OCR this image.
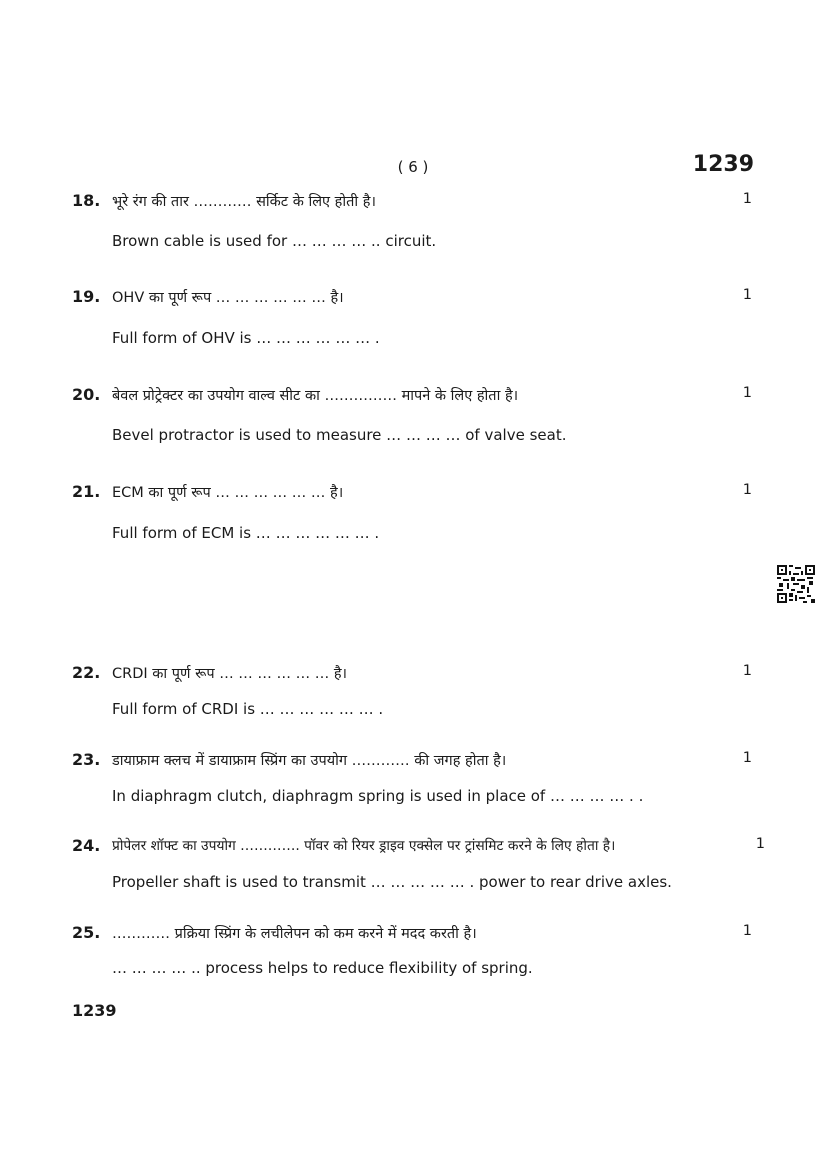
( 6 )	1239
18. भूरे रंग की तार ………… सर्किट के लिए होती है।	1
Brown cable is used for … … … … .. circuit.
19. OHV का पूर्ण रूप … … … … … … है।	1
Full form of OHV is … … … … … … .
20. बेवल प्रोट्रेक्टर का उपयोग वाल्व सीट का …………… मापने के लिए होता है।	1
Bevel protractor is used to measure … … … … of valve seat.
21. ECM का पूर्ण रूप … … … … … … है।	1
Full form of ECM is … … … … … … .
22. CRDI का पूर्ण रूप … … … … … … है।	1
Full form of CRDI is … … … … … … .
23. डायाफ्राम क्लच में डायाफ्राम स्प्रिंग का उपयोग ………… की जगह होता है।	1
In diaphragm clutch, diaphragm spring is used in place of … … … … . .
24. प्रोपेलर शॉफ्ट का उपयोग …………. पॉवर को रियर ड्राइव एक्सेल पर ट्रांसमिट करने के लिए होता है।	1
Propeller shaft is used to transmit … … … … … . power to rear drive axles.
25. ………… प्रक्रिया स्प्रिंग के लचीलेपन को कम करने में मदद करती है।	1
… … … … .. process helps to reduce flexibility of spring.
1239
